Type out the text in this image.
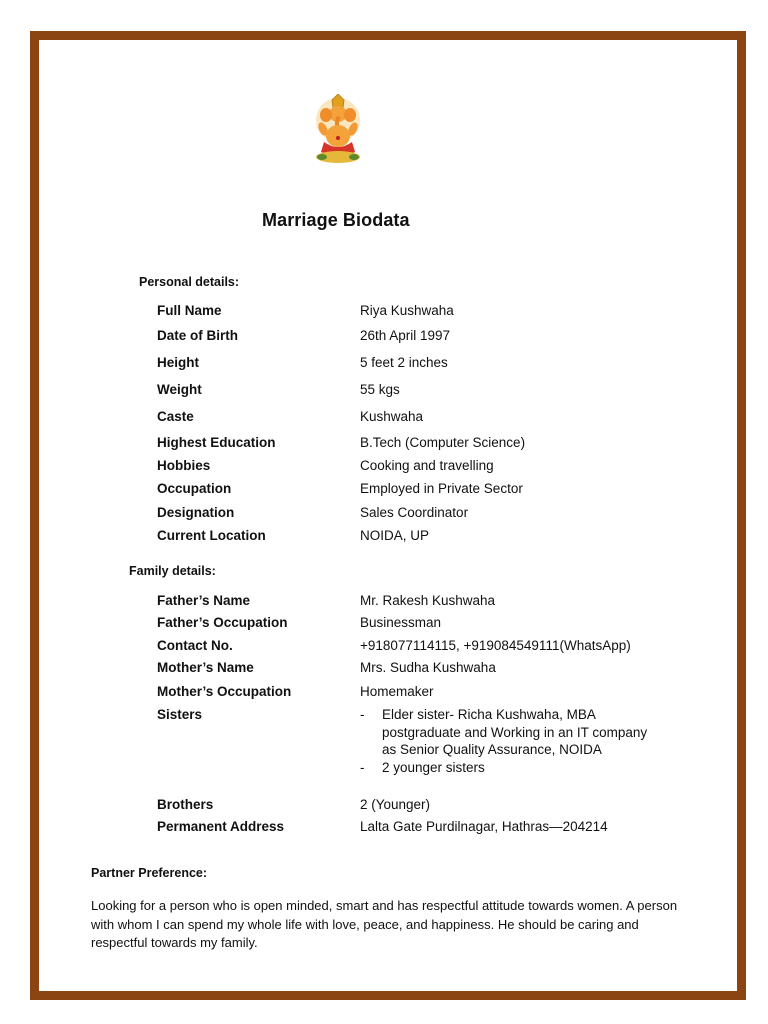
Marriage Biodata
Personal details:
Full Name	Riya Kushwaha
Date of Birth	26th April 1997
Height	5 feet 2 inches
Weight	55 kgs
Caste	Kushwaha
Highest Education	B.Tech (Computer Science)
Hobbies	Cooking and travelling
Occupation	Employed in Private Sector
Designation	Sales Coordinator
Current Location	NOIDA, UP
Family details:
Father’s Name	Mr. Rakesh Kushwaha
Father’s Occupation	Businessman
Contact No.	+918077114115, +919084549111(WhatsApp)
Mother’s Name	Mrs. Sudha Kushwaha
Mother’s Occupation	Homemaker
Sisters	- Elder sister- Richa Kushwaha, MBA postgraduate and Working in an IT company as Senior Quality Assurance, NOIDA
- 2 younger sisters
Brothers	2 (Younger)
Permanent Address	Lalta Gate Purdilnagar, Hathras—204214
Partner Preference:
Looking for a person who is open minded, smart and has respectful attitude towards women. A person with whom I can spend my whole life with love, peace, and happiness. He should be caring and respectful towards my family.
